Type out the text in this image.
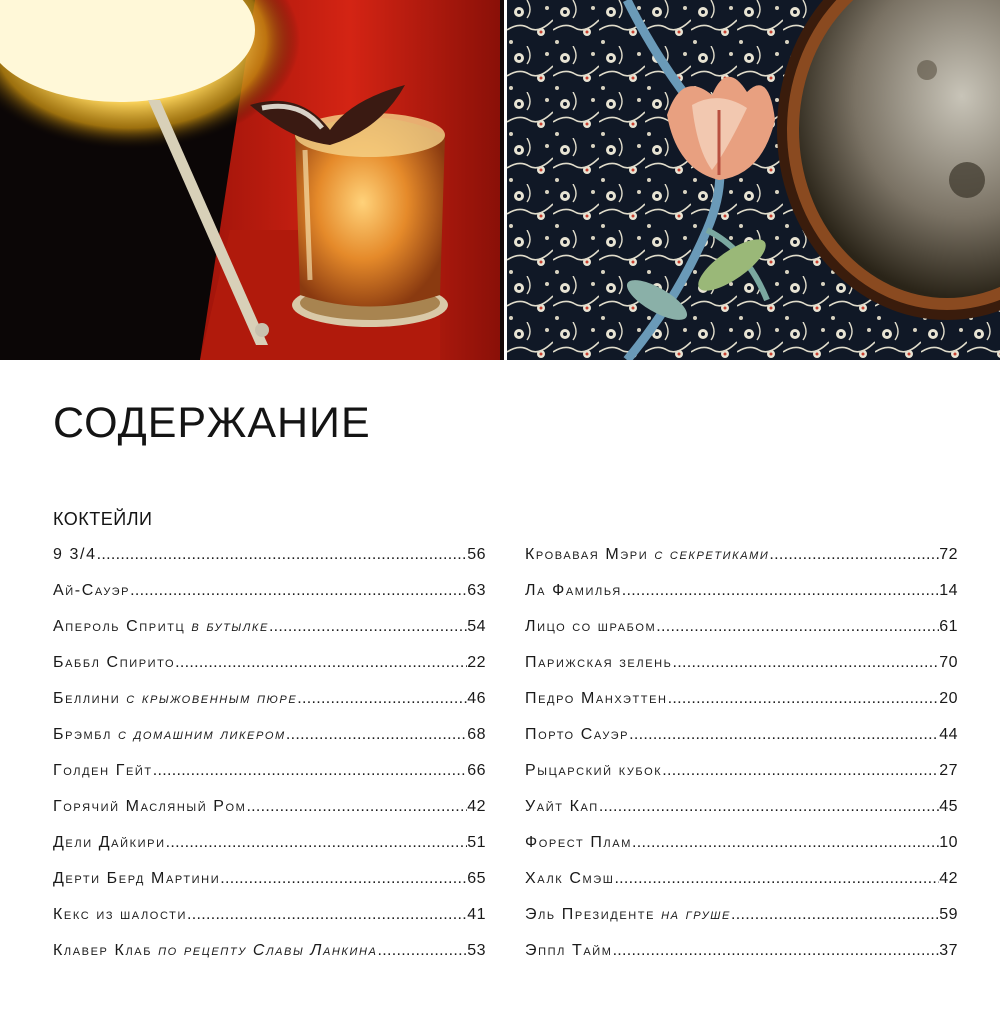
СОДЕРЖАНИЕ
КОКТЕЙЛИ
9 3/4 .....	56
Ай-Сауэр .....	63
Апероль Спритц в бутылке .....	54
Баббл Спирито .....	22
Беллини с крыжовенным пюре .....	46
Брэмбл с домашним ликером .....	68
Голден Гейт .....	66
Горячий Масляный Ром .....	42
Дели Дайкири .....	51
Дерти Берд Мартини .....	65
Кекс из шалости .....	41
Клавер Клаб по рецепту Славы Ланкина .....	53
Кровавая Мэри с секретиками .....	72
Ла Фамилья .....	14
Лицо со шрабом .....	61
Парижская зелень .....	70
Педро Манхэттен .....	20
Порто Сауэр .....	44
Рыцарский кубок .....	27
Уайт Кап .....	45
Форест Плам .....	10
Халк Смэш .....	42
Эль Президенте на груше .....	59
Эппл Тайм .....	37
